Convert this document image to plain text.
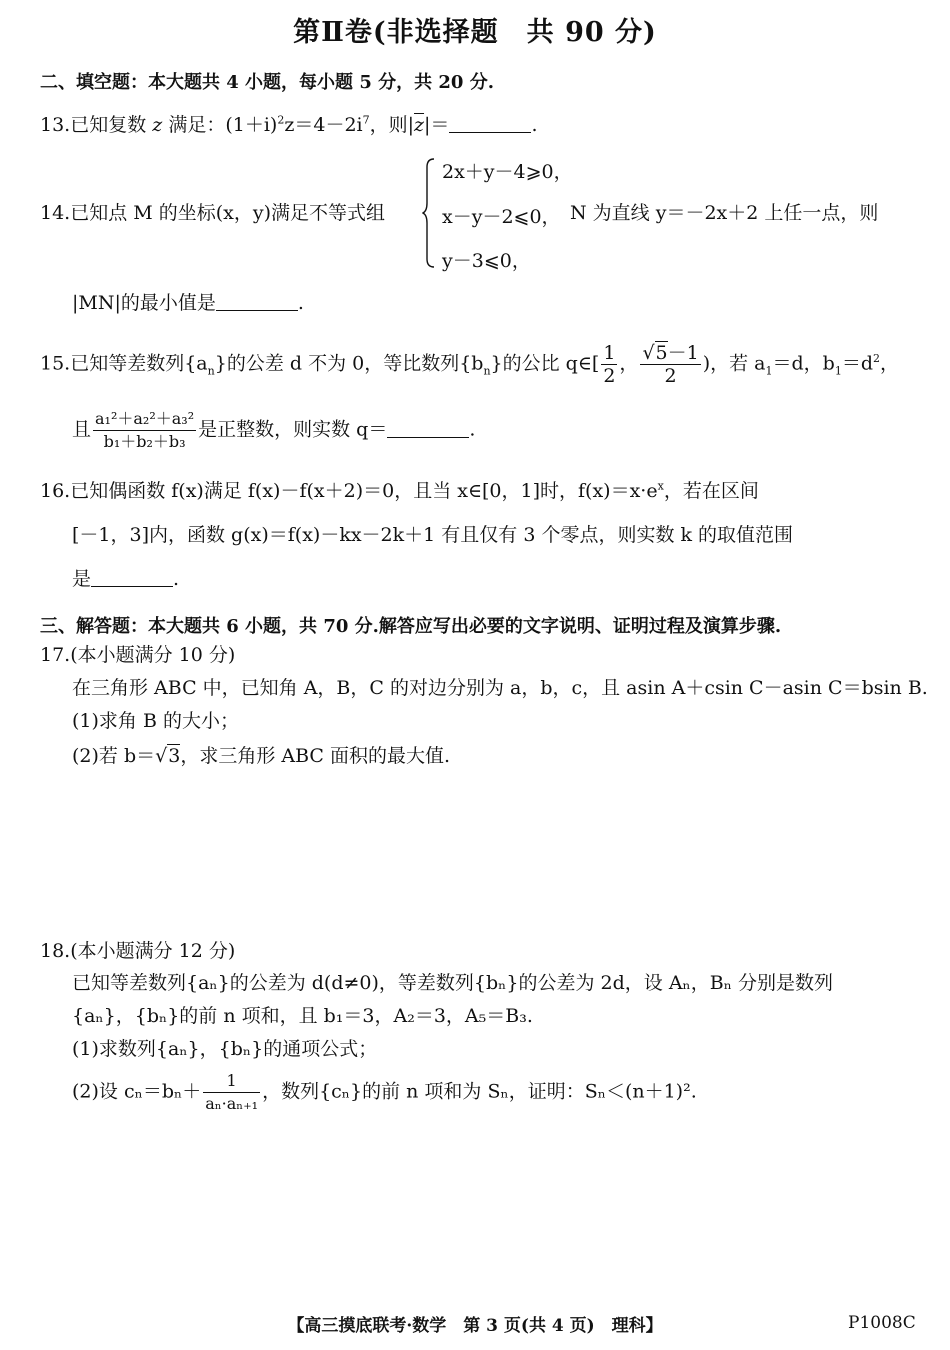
第Ⅱ卷(非选择题　共 90 分)
二、填空题：本大题共 4 小题，每小题 5 分，共 20 分.
13.已知复数 z 满足：$(1+i)^2z=4-2i^7$，则$|\overline{z}|=$	.
14.已知点 M 的坐标(x，y)满足不等式组
2x＋y－4⩾0，
x－y－2⩽0， N 为直线 y＝－2x＋2 上任一点，则
y－3⩽0，
|MN|的最小值是	.
15.已知等差数列$\{a_n\}$的公差 d 不为 0，等比数列$\{b_n\}$的公比 q∈[ $\frac{1}{2}$ ， $\frac{√5-1}{2}$ )，若 $a_1=d$，$b_1=d^2$，
且 $\frac{\text{a₁²＋a₂²＋a₃²}}{\text{b₁＋b₂＋b₃}}$ 是正整数，则实数 q＝	.
16.已知偶函数 f(x)满足 f(x)－f(x＋2)＝0，且当 x∈[0，1]时，$f(x)=x\cdot e^x$，若在区间
[－1，3]内，函数 g(x)＝f(x)－kx－2k＋1 有且仅有 3 个零点，则实数 k 的取值范围
是	.
三、解答题：本大题共 6 小题，共 70 分.解答应写出必要的文字说明、证明过程及演算步骤.
17.(本小题满分 10 分)
在三角形 ABC 中，已知角 A，B，C 的对边分别为 a，b，c，且 asin A＋csin C－asin C＝bsin B.
(1)求角 B 的大小；
(2)若 b＝√3，求三角形 ABC 面积的最大值.
18.(本小题满分 12 分)
已知等差数列{aₙ}的公差为 d(d≠0)，等差数列{bₙ}的公差为 2d，设 Aₙ，Bₙ 分别是数列
{aₙ}，{bₙ}的前 n 项和，且 b₁＝3，A₂＝3，A₅＝B₃.
(1)求数列{aₙ}，{bₙ}的通项公式；
(2)设 $c_n=b_n+ \frac{1}{\text{aₙ·aₙ₊₁}}$ ，数列{cₙ}的前 n 项和为 Sₙ，证明：Sₙ＜(n＋1)².
【高三摸底联考·数学　第 3 页(共 4 页)　理科】	P1008C
